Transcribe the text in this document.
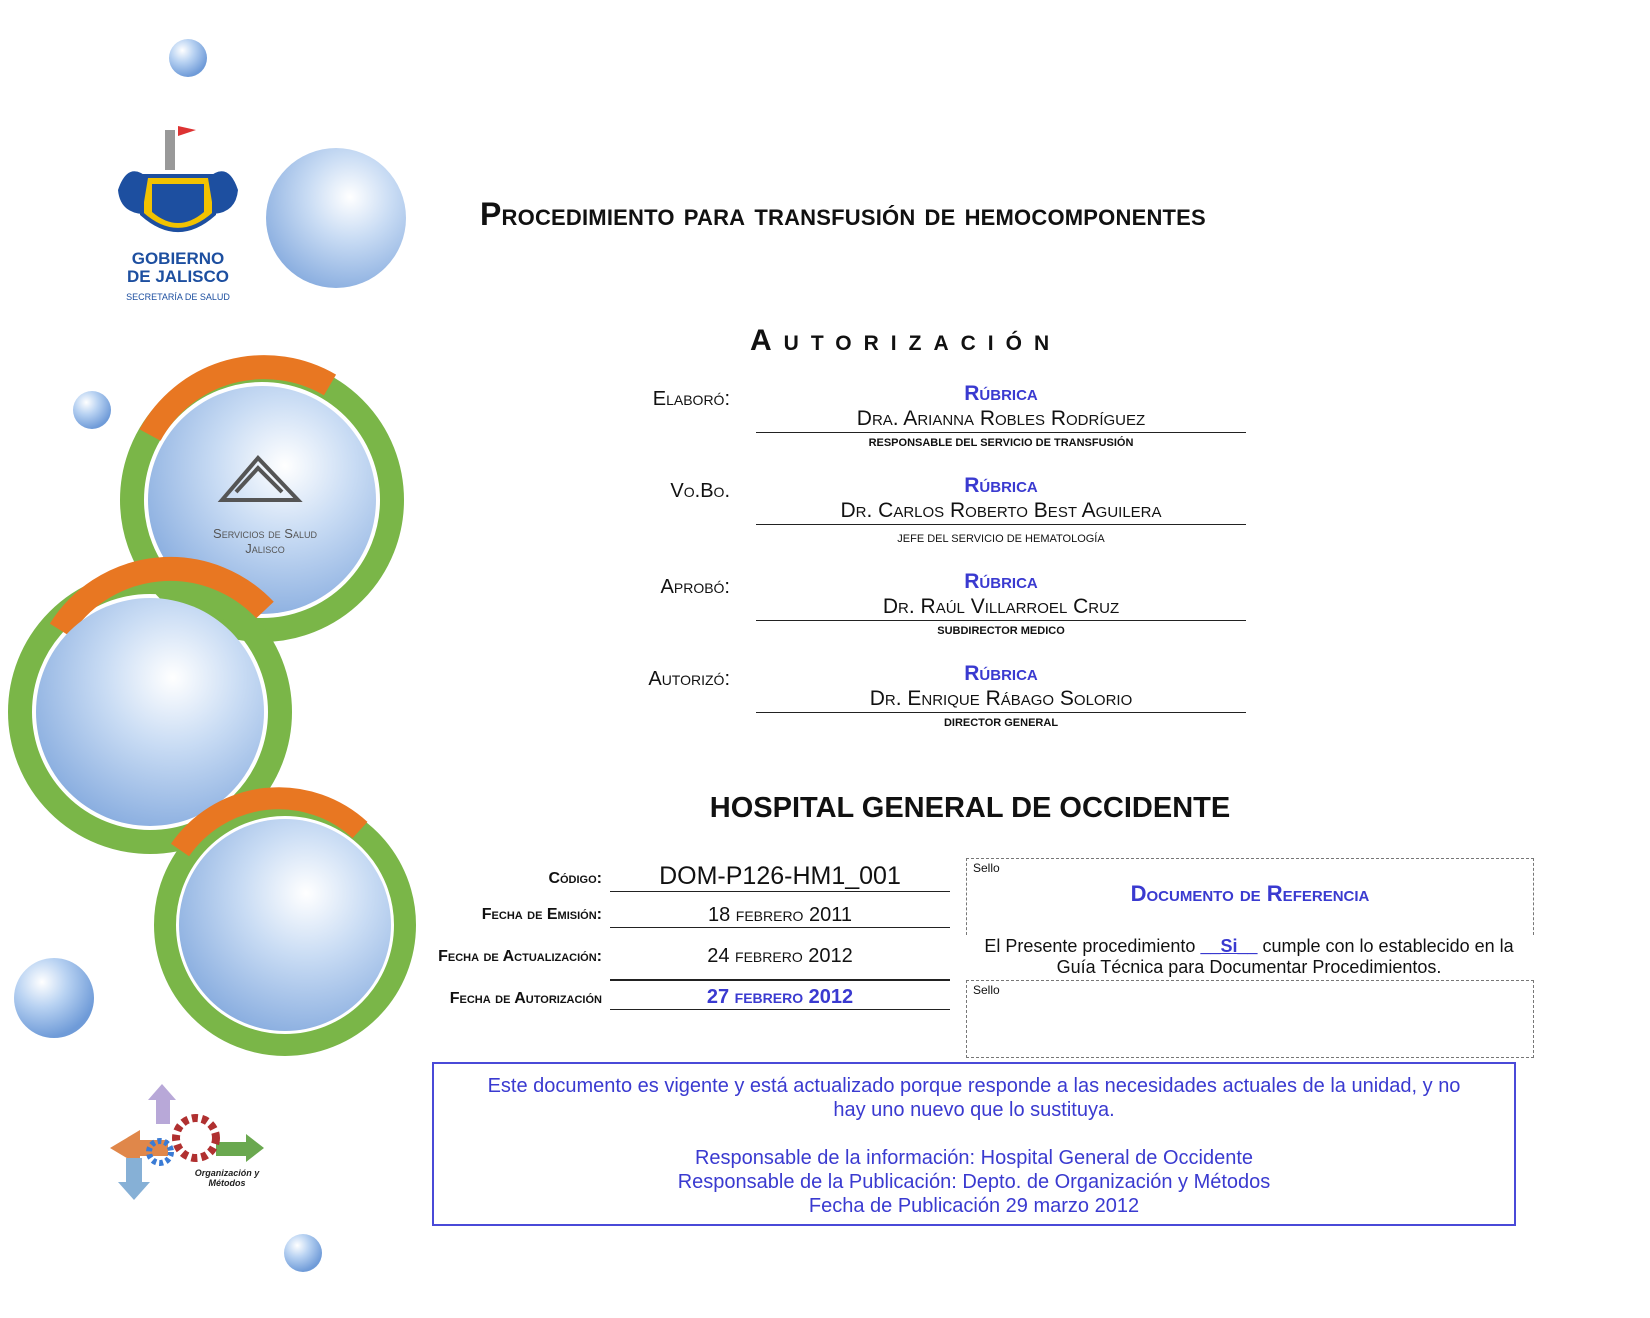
GOBIERNO
DE JALISCO
SECRETARÍA DE SALUD
Servicios de Salud
Jalisco
Organización y
Métodos
Procedimiento para transfusión de hemocomponentes
Autorización
Elaboró:	Rúbrica
Dra. Arianna Robles Rodríguez
RESPONSABLE DEL SERVICIO DE TRANSFUSIÓN
Vo.Bo.	Rúbrica
Dr. Carlos Roberto Best Aguilera
JEFE DEL SERVICIO DE HEMATOLOGÍA
Aprobó:	Rúbrica
Dr. Raúl Villarroel Cruz
SUBDIRECTOR MEDICO
Autorizó:	Rúbrica
Dr. Enrique Rábago Solorio
DIRECTOR GENERAL
HOSPITAL GENERAL DE OCCIDENTE
Código:	DOM-P126-HM1_001
Fecha de Emisión:	18 febrero 2011
Fecha de Actualización:	24 febrero 2012
Fecha de Autorización	27 febrero 2012
Sello
Documento de Referencia
El Presente procedimiento __Si__ cumple con lo establecido en la Guía Técnica para Documentar Procedimientos.
Sello

Este documento es vigente y está actualizado porque responde a las necesidades actuales de la unidad, y no hay uno nuevo que lo sustituya.

Responsable de la información: Hospital General de Occidente

Responsable de la Publicación: Depto. de Organización y Métodos

Fecha de Publicación 29 marzo 2012
